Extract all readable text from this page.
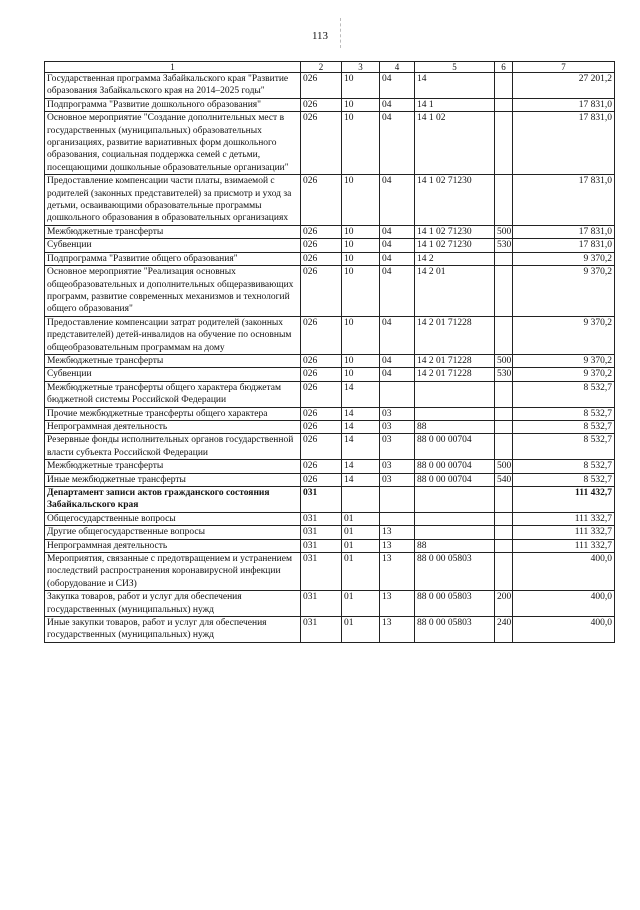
113
1	2	3	4	5	6	7
Государственная программа Забайкальского края "Развитие образования Забайкальского края на 2014–2025 годы"	026	10	04	14		27 201,2
Подпрограмма "Развитие дошкольного образования"	026	10	04	14 1		17 831,0
Основное мероприятие "Создание дополнительных мест в государственных (муниципальных) образовательных организациях, развитие вариативных форм дошкольного образования, социальная поддержка семей с детьми, посещающими дошкольные образовательные организации"	026	10	04	14 1 02		17 831,0
Предоставление компенсации части платы, взимаемой с родителей (законных представителей) за присмотр и уход за детьми, осваивающими образовательные программы дошкольного образования в образовательных организациях	026	10	04	14 1 02 71230		17 831,0
Межбюджетные трансферты	026	10	04	14 1 02 71230	500	17 831,0
Субвенции	026	10	04	14 1 02 71230	530	17 831,0
Подпрограмма "Развитие общего образования"	026	10	04	14 2		9 370,2
Основное мероприятие "Реализация основных общеобразовательных и дополнительных общеразвивающих программ, развитие современных механизмов и технологий общего образования"	026	10	04	14 2 01		9 370,2
Предоставление компенсации затрат родителей (законных представителей) детей-инвалидов на обучение по основным общеобразовательным программам на дому	026	10	04	14 2 01 71228		9 370,2
Межбюджетные трансферты	026	10	04	14 2 01 71228	500	9 370,2
Субвенции	026	10	04	14 2 01 71228	530	9 370,2
Межбюджетные трансферты общего характера бюджетам бюджетной системы Российской Федерации	026	14				8 532,7
Прочие межбюджетные трансферты общего характера	026	14	03			8 532,7
Непрограммная деятельность	026	14	03	88		8 532,7
Резервные фонды исполнительных органов государственной власти субъекта Российской Федерации	026	14	03	88 0 00 00704		8 532,7
Межбюджетные трансферты	026	14	03	88 0 00 00704	500	8 532,7
Иные межбюджетные трансферты	026	14	03	88 0 00 00704	540	8 532,7
Департамент записи актов гражданского состояния Забайкальского края	031					111 432,7
Общегосударственные вопросы	031	01				111 332,7
Другие общегосударственные вопросы	031	01	13			111 332,7
Непрограммная деятельность	031	01	13	88		111 332,7
Мероприятия, связанные с предотвращением и устранением последствий распространения коронавирусной инфекции (оборудование и СИЗ)	031	01	13	88 0 00 05803		400,0
Закупка товаров, работ и услуг для обеспечения государственных (муниципальных) нужд	031	01	13	88 0 00 05803	200	400,0
Иные закупки товаров, работ и услуг для обеспечения государственных (муниципальных) нужд	031	01	13	88 0 00 05803	240	400,0
